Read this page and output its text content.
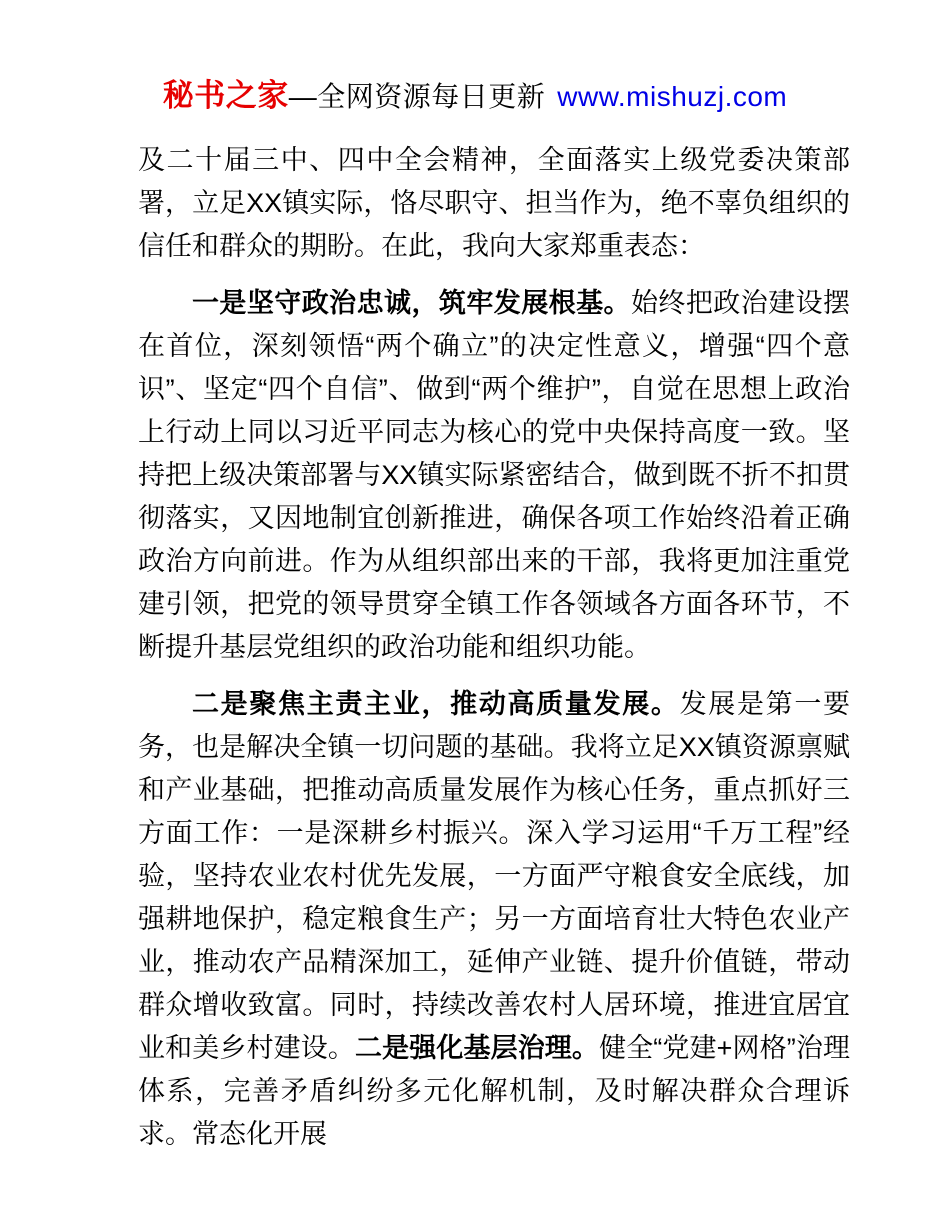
秘书之家—全网资源每日更新 www.mishuzj.com

及二十届三中、四中全会精神，全面落实上级党委决策部署，立足XX镇实际，恪尽职守、担当作为，绝不辜负组织的信任和群众的期盼。在此，我向大家郑重表态：

一是坚守政治忠诚，筑牢发展根基。始终把政治建设摆在首位，深刻领悟“两个确立”的决定性意义，增强“四个意识”、坚定“四个自信”、做到“两个维护”，自觉在思想上政治上行动上同以习近平同志为核心的党中央保持高度一致。坚持把上级决策部署与XX镇实际紧密结合，做到既不折不扣贯彻落实，又因地制宜创新推进，确保各项工作始终沿着正确政治方向前进。作为从组织部出来的干部，我将更加注重党建引领，把党的领导贯穿全镇工作各领域各方面各环节，不断提升基层党组织的政治功能和组织功能。

二是聚焦主责主业，推动高质量发展。发展是第一要务，也是解决全镇一切问题的基础。我将立足XX镇资源禀赋和产业基础，把推动高质量发展作为核心任务，重点抓好三方面工作：一是深耕乡村振兴。深入学习运用“千万工程”经验，坚持农业农村优先发展，一方面严守粮食安全底线，加强耕地保护，稳定粮食生产；另一方面培育壮大特色农业产业，推动农产品精深加工，延伸产业链、提升价值链，带动群众增收致富。同时，持续改善农村人居环境，推进宜居宜业和美乡村建设。二是强化基层治理。健全“党建+网格”治理体系，完善矛盾纠纷多元化解机制，及时解决群众合理诉求。常态化开展
